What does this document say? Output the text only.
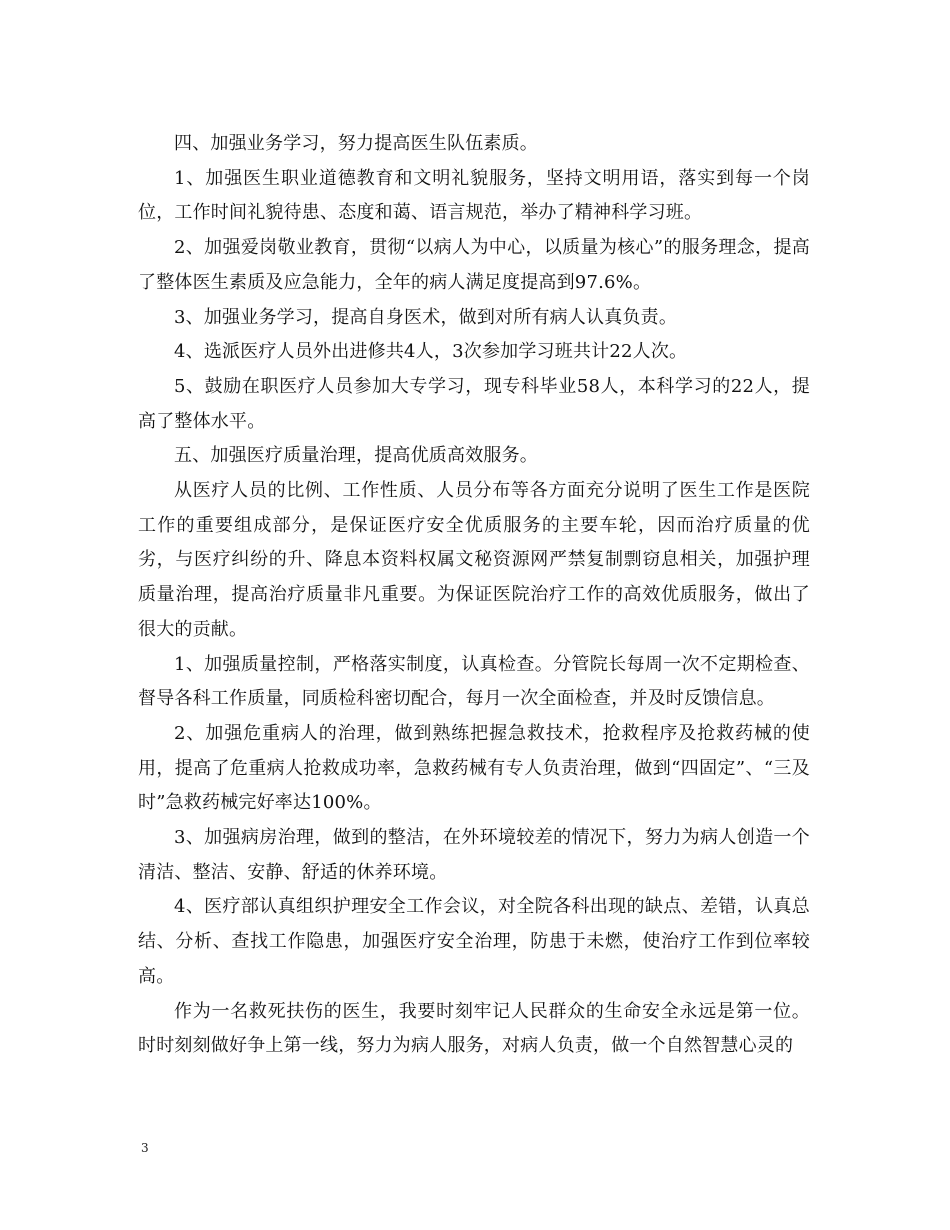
四、加强业务学习，努力提高医生队伍素质。

1、加强医生职业道德教育和文明礼貌服务，坚持文明用语，落实到每一个岗位，工作时间礼貌待患、态度和蔼、语言规范，举办了精神科学习班。

2、加强爱岗敬业教育，贯彻“以病人为中心，以质量为核心”的服务理念，提高了整体医生素质及应急能力，全年的病人满足度提高到97.6%。

3、加强业务学习，提高自身医术，做到对所有病人认真负责。

4、选派医疗人员外出进修共4人，3次参加学习班共计22人次。

5、鼓励在职医疗人员参加大专学习，现专科毕业58人，本科学习的22人，提高了整体水平。

五、加强医疗质量治理，提高优质高效服务。

从医疗人员的比例、工作性质、人员分布等各方面充分说明了医生工作是医院工作的重要组成部分，是保证医疗安全优质服务的主要车轮，因而治疗质量的优劣，与医疗纠纷的升、降息本资料权属文秘资源网严禁复制剽窃息相关，加强护理质量治理，提高治疗质量非凡重要。为保证医院治疗工作的高效优质服务，做出了很大的贡献。

1、加强质量控制，严格落实制度，认真检查。分管院长每周一次不定期检查、督导各科工作质量，同质检科密切配合，每月一次全面检查，并及时反馈信息。

2、加强危重病人的治理，做到熟练把握急救技术，抢救程序及抢救药械的使用，提高了危重病人抢救成功率，急救药械有专人负责治理，做到“四固定”、“三及时”急救药械完好率达100%。

3、加强病房治理，做到的整洁，在外环境较差的情况下，努力为病人创造一个清洁、整洁、安静、舒适的休养环境。

4、医疗部认真组织护理安全工作会议，对全院各科出现的缺点、差错，认真总结、分析、查找工作隐患，加强医疗安全治理，防患于未燃，使治疗工作到位率较高。

作为一名救死扶伤的医生，我要时刻牢记人民群众的生命安全永远是第一位。时时刻刻做好争上第一线，努力为病人服务，对病人负责，做一个自然智慧心灵的

3
